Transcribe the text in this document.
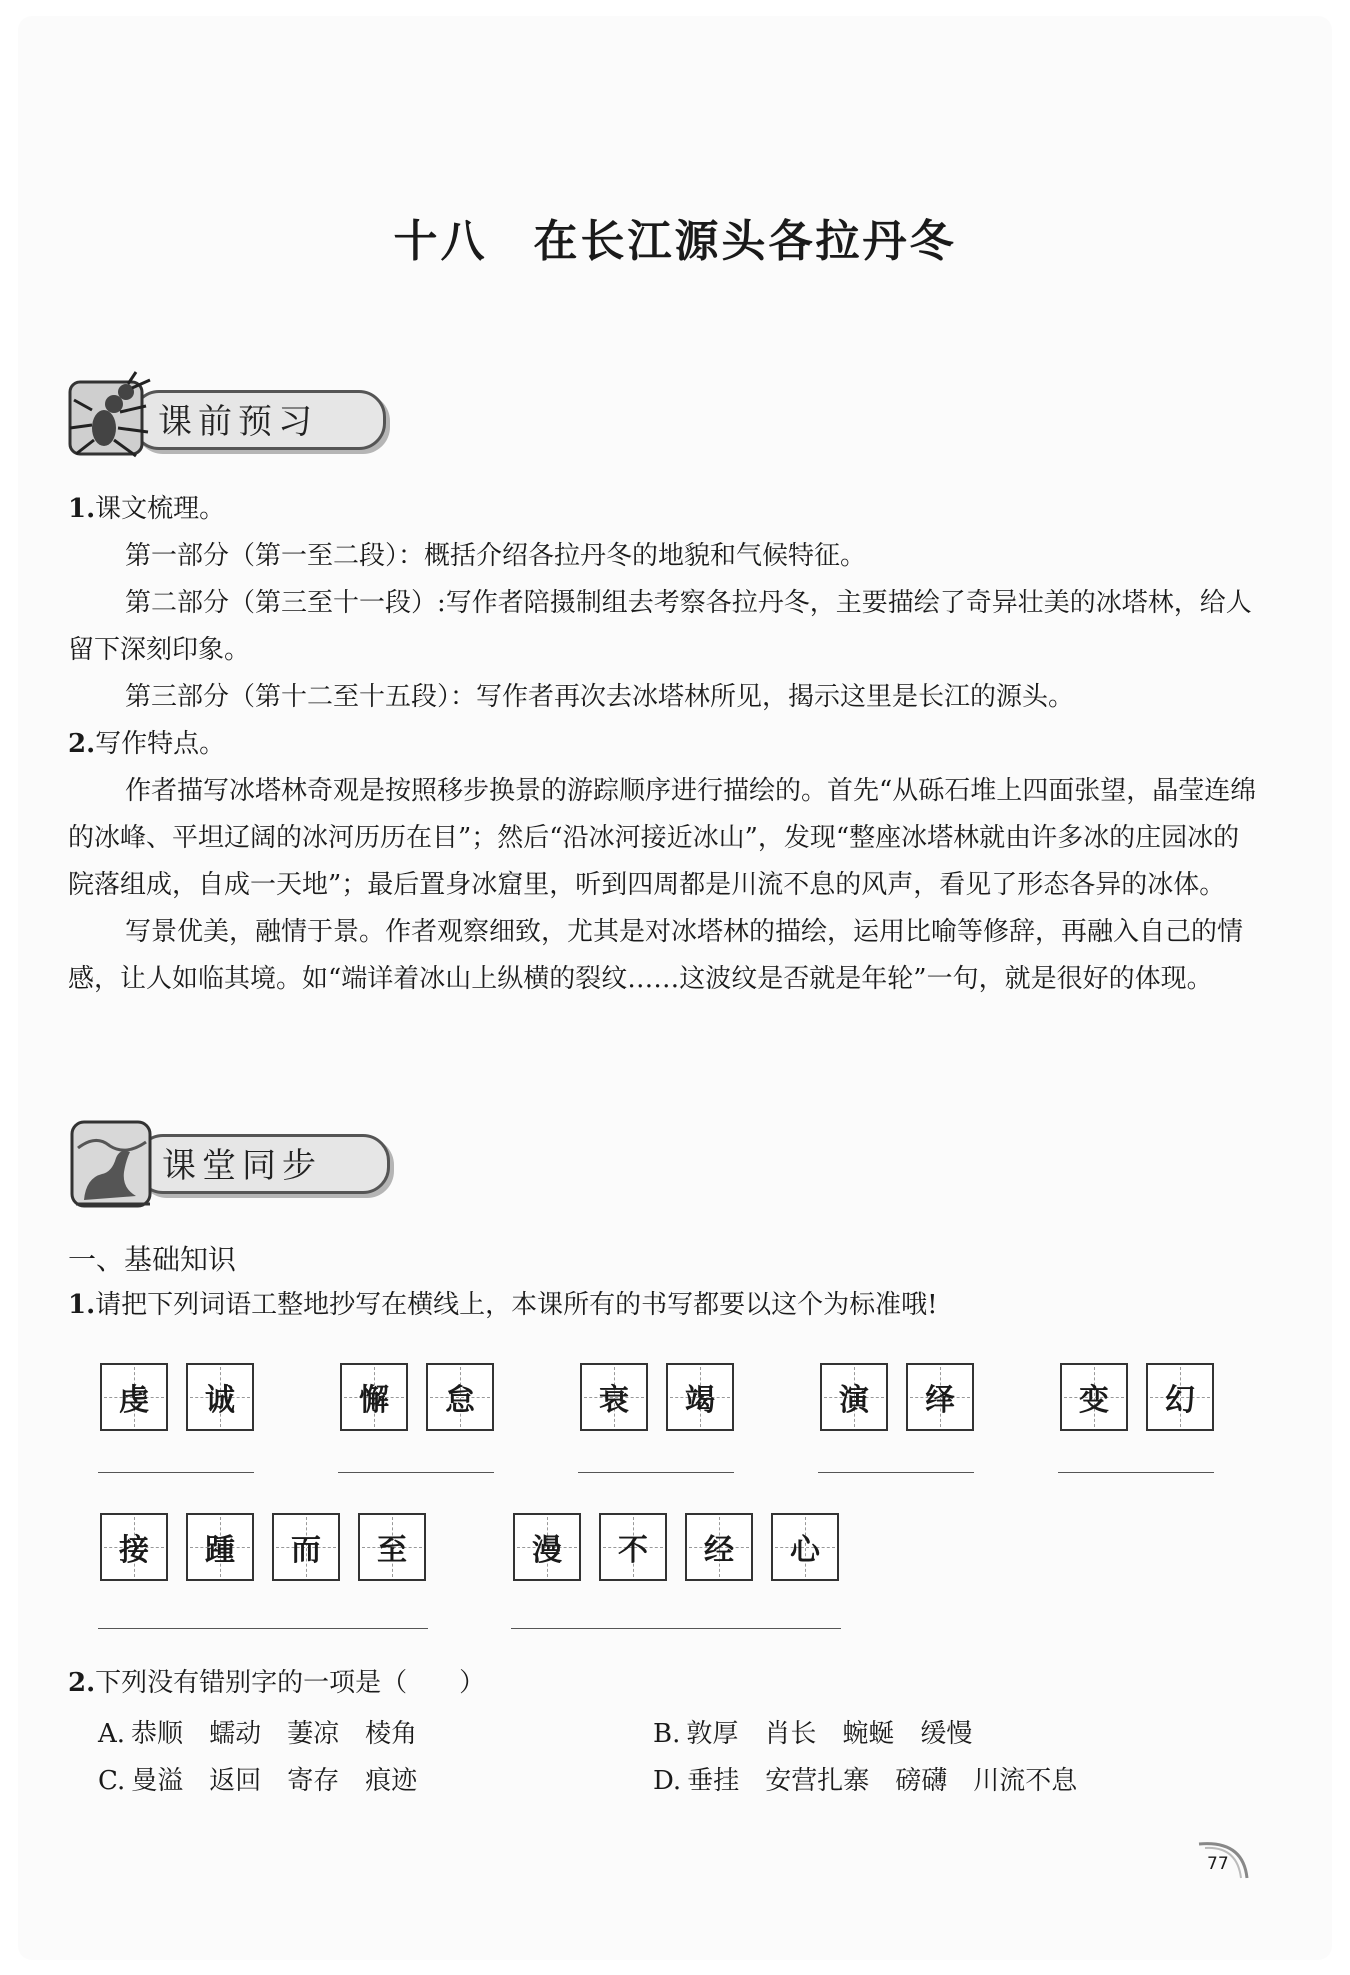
十八 在长江源头各拉丹冬
课前预习

1.课文梳理。

第一部分（第一至二段）：概括介绍各拉丹冬的地貌和气候特征。

第二部分（第三至十一段）:写作者陪摄制组去考察各拉丹冬，主要描绘了奇异壮美的冰塔林，给人留下深刻印象。

第三部分（第十二至十五段）：写作者再次去冰塔林所见，揭示这里是长江的源头。

2.写作特点。

作者描写冰塔林奇观是按照移步换景的游踪顺序进行描绘的。首先“从砾石堆上四面张望，晶莹连绵的冰峰、平坦辽阔的冰河历历在目”；然后“沿冰河接近冰山”，发现“整座冰塔林就由许多冰的庄园冰的院落组成，自成一天地”；最后置身冰窟里，听到四周都是川流不息的风声，看见了形态各异的冰体。

写景优美，融情于景。作者观察细致，尤其是对冰塔林的描绘，运用比喻等修辞，再融入自己的情感，让人如临其境。如“端详着冰山上纵横的裂纹……这波纹是否就是年轮”一句，就是很好的体现。

课堂同步
一、基础知识

1.请把下列词语工整地抄写在横线上，本课所有的书写都要以这个为标准哦!

虔	诚	懈	怠	衰	竭	演	绎	变	幻
接	踵	而	至	漫	不	经	心

2.下列没有错别字的一项是（　　）

A. 恭顺 蠕动 萋凉 棱角	B. 敦厚 肖长 蜿蜒 缓慢
C. 曼溢 返回 寄存 痕迹	D. 垂挂 安营扎寨 磅礴 川流不息
77
